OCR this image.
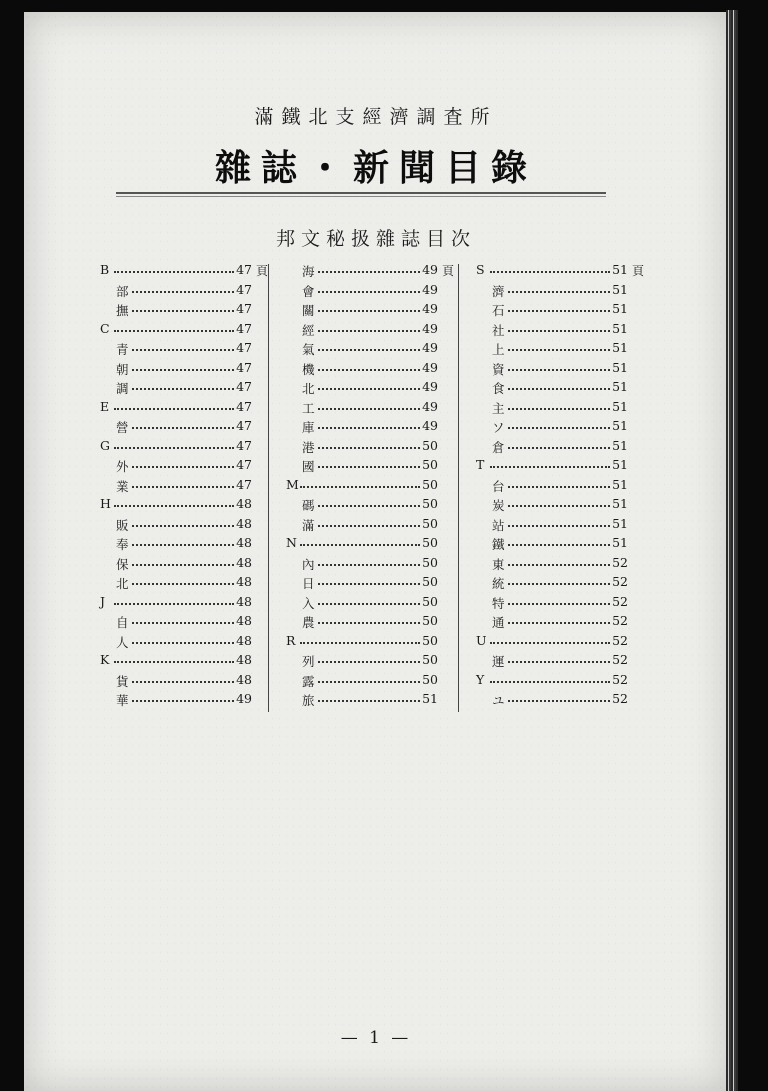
滿鐵北支經濟調査所
雜誌・新聞目錄
邦文秘扱雜誌目次
B	47 頁
部	47
撫	47
C	47
青	47
朝	47
調	47
E	47
營	47
G	47
外	47
業	47
H	48
販	48
奉	48
保	48
北	48
J	48
自	48
人	48
K	48
貨	48
華	49
海	49 頁
會	49
關	49
經	49
氣	49
機	49
北	49
工	49
庫	49
港	50
國	50
M	50
碼	50
滿	50
N	50
內	50
日	50
入	50
農	50
R	50
列	50
露	50
旅	51
S	51 頁
濟	51
石	51
社	51
上	51
資	51
食	51
主	51
ソ	51
倉	51
T	51
台	51
炭	51
站	51
鐵	51
東	52
統	52
特	52
通	52
U	52
運	52
Y	52
ユ	52
— 1 —
